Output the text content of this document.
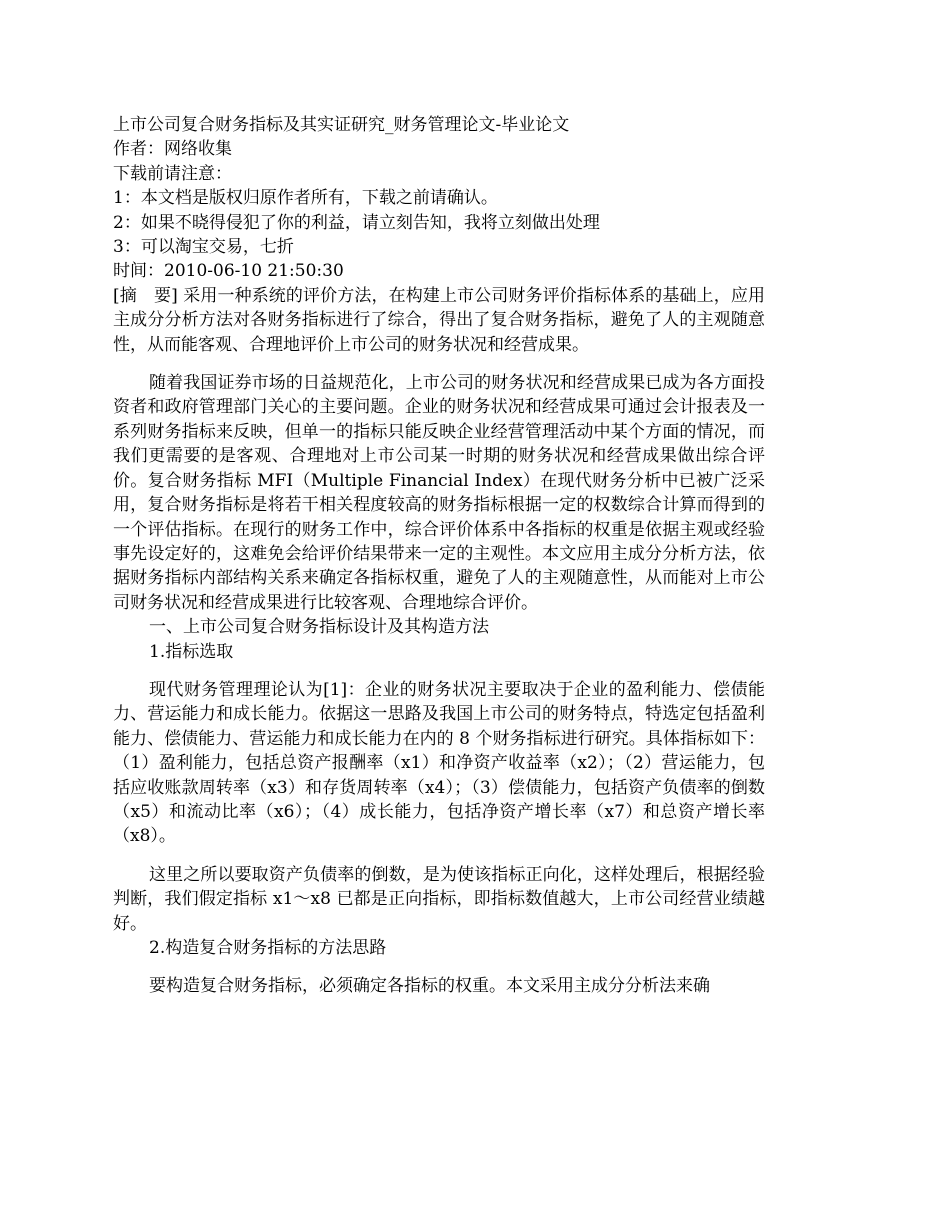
上市公司复合财务指标及其实证研究_财务管理论文-毕业论文
作者：网络收集
下载前请注意：
1：本文档是版权归原作者所有，下载之前请确认。
2：如果不晓得侵犯了你的利益，请立刻告知，我将立刻做出处理
3：可以淘宝交易，七折
时间：2010-06-10 21:50:30

[摘　要] 采用一种系统的评价方法，在构建上市公司财务评价指标体系的基础上，应用主成分分析方法对各财务指标进行了综合，得出了复合财务指标，避免了人的主观随意性，从而能客观、合理地评价上市公司的财务状况和经营成果。

随着我国证券市场的日益规范化，上市公司的财务状况和经营成果已成为各方面投资者和政府管理部门关心的主要问题。企业的财务状况和经营成果可通过会计报表及一系列财务指标来反映，但单一的指标只能反映企业经营管理活动中某个方面的情况，而我们更需要的是客观、合理地对上市公司某一时期的财务状况和经营成果做出综合评价。复合财务指标 MFI（Multiple Financial Index）在现代财务分析中已被广泛采用，复合财务指标是将若干相关程度较高的财务指标根据一定的权数综合计算而得到的一个评估指标。在现行的财务工作中，综合评价体系中各指标的权重是依据主观或经验事先设定好的，这难免会给评价结果带来一定的主观性。本文应用主成分分析方法，依据财务指标内部结构关系来确定各指标权重，避免了人的主观随意性，从而能对上市公司财务状况和经营成果进行比较客观、合理地综合评价。

一、上市公司复合财务指标设计及其构造方法

1.指标选取

现代财务管理理论认为[1]：企业的财务状况主要取决于企业的盈利能力、偿债能力、营运能力和成长能力。依据这一思路及我国上市公司的财务特点，特选定包括盈利能力、偿债能力、营运能力和成长能力在内的 8 个财务指标进行研究。具体指标如下：（1）盈利能力，包括总资产报酬率（x1）和净资产收益率（x2）；（2）营运能力，包括应收账款周转率（x3）和存货周转率（x4）；（3）偿债能力，包括资产负债率的倒数（x5）和流动比率（x6）；（4）成长能力，包括净资产增长率（x7）和总资产增长率（x8）。

这里之所以要取资产负债率的倒数，是为使该指标正向化，这样处理后，根据经验判断，我们假定指标 x1～x8 已都是正向指标，即指标数值越大，上市公司经营业绩越好。

2.构造复合财务指标的方法思路

要构造复合财务指标，必须确定各指标的权重。本文采用主成分分析法来确
